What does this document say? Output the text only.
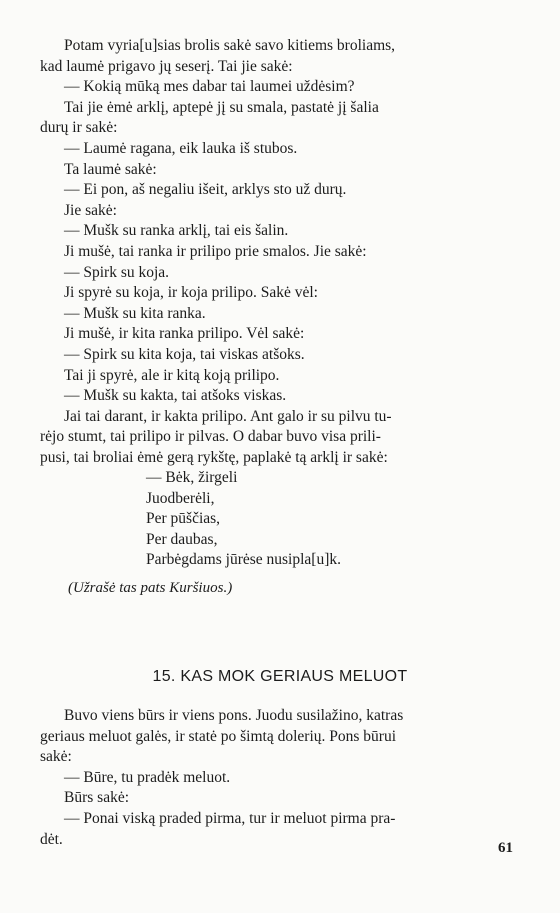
Potam vyria[u]sias brolis sakė savo kitiems broliams,
kad laumė prigavo jų seserį. Tai jie sakė:
— Kokią mūką mes dabar tai laumei uždėsim?
Tai jie ėmė arklį, aptepė jį su smala, pastatė jį šalia
durų ir sakė:
— Laumė ragana, eik lauka iš stubos.
Ta laumė sakė:
— Ei pon, aš negaliu išeit, arklys sto už durų.
Jie sakė:
— Mušk su ranka arklį, tai eis šalin.
Ji mušė, tai ranka ir prilipo prie smalos. Jie sakė:
— Spirk su koja.
Ji spyrė su koja, ir koja prilipo. Sakė vėl:
— Mušk su kita ranka.
Ji mušė, ir kita ranka prilipo. Vėl sakė:
— Spirk su kita koja, tai viskas atšoks.
Tai ji spyrė, ale ir kitą koją prilipo.
— Mušk su kakta, tai atšoks viskas.
Jai tai darant, ir kakta prilipo. Ant galo ir su pilvu tu-
rėjo stumt, tai prilipo ir pilvas. O dabar buvo visa prili-
pusi, tai broliai ėmė gerą rykštę, paplakė tą arklį ir sakė:
— Bėk, žirgeli
Juodberėli,
Per pūščias,
Per daubas,
Parbėgdams jūrėse nusipla[u]k.
(Užrašė tas pats Kuršiuos.)
15. KAS MOK GERIAUS MELUOT
Buvo viens būrs ir viens pons. Juodu susilažino, katras
geriaus meluot galės, ir statė po šimtą dolerių. Pons būrui
sakė:
— Būre, tu pradėk meluot.
Būrs sakė:
— Ponai viską praded pirma, tur ir meluot pirma pra-
dėt.
61
